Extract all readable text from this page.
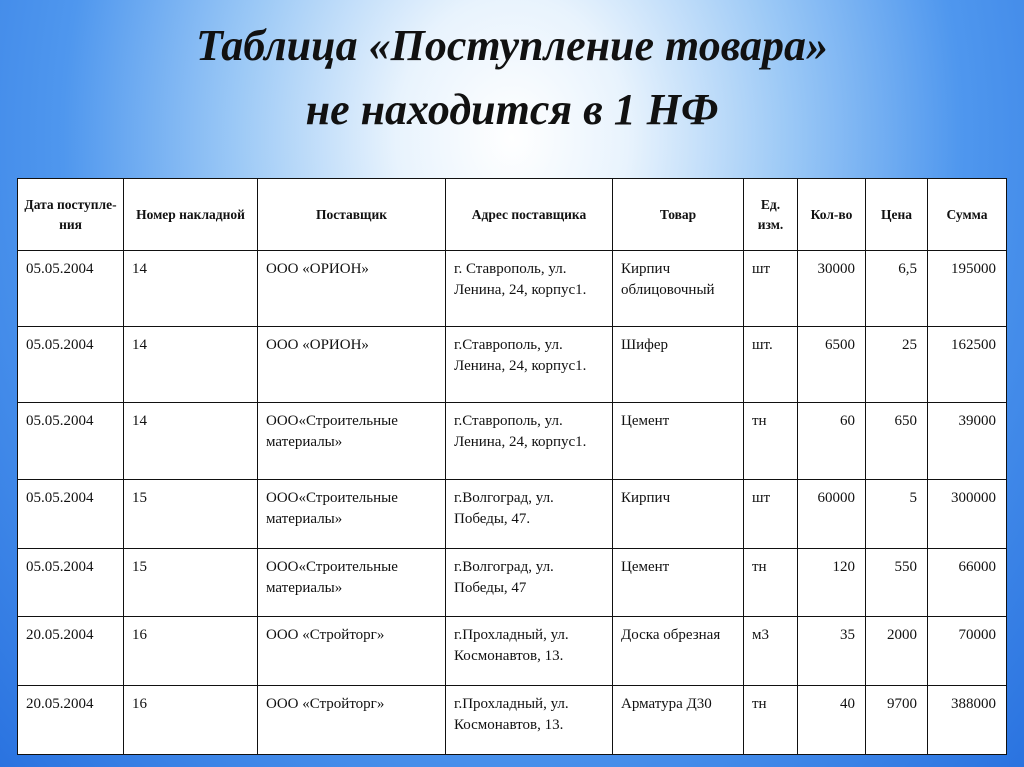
Таблица «Поступление товара»
не находится в 1 НФ
Дата поступле-ния	Номер накладной	Поставщик	Адрес поставщика	Товар	Ед. изм.	Кол-во	Цена	Сумма
05.05.2004	14	ООО «ОРИОН»	г. Ставрополь, ул. Ленина, 24, корпус1.	Кирпич облицовочный	шт	30000	6,5	195000
05.05.2004	14	ООО «ОРИОН»	г.Ставрополь, ул. Ленина, 24, корпус1.	Шифер	шт.	6500	25	162500
05.05.2004	14	ООО«Строительные материалы»	г.Ставрополь, ул. Ленина, 24, корпус1.	Цемент	тн	60	650	39000
05.05.2004	15	ООО«Строительные материалы»	г.Волгоград, ул. Победы, 47.	Кирпич	шт	60000	5	300000
05.05.2004	15	ООО«Строительные материалы»	г.Волгоград, ул. Победы, 47	Цемент	тн	120	550	66000
20.05.2004	16	ООО «Стройторг»	г.Прохладный, ул. Космонавтов, 13.	Доска обрезная	м3	35	2000	70000
20.05.2004	16	ООО «Стройторг»	г.Прохладный, ул. Космонавтов, 13.	Арматура Д30	тн	40	9700	388000
